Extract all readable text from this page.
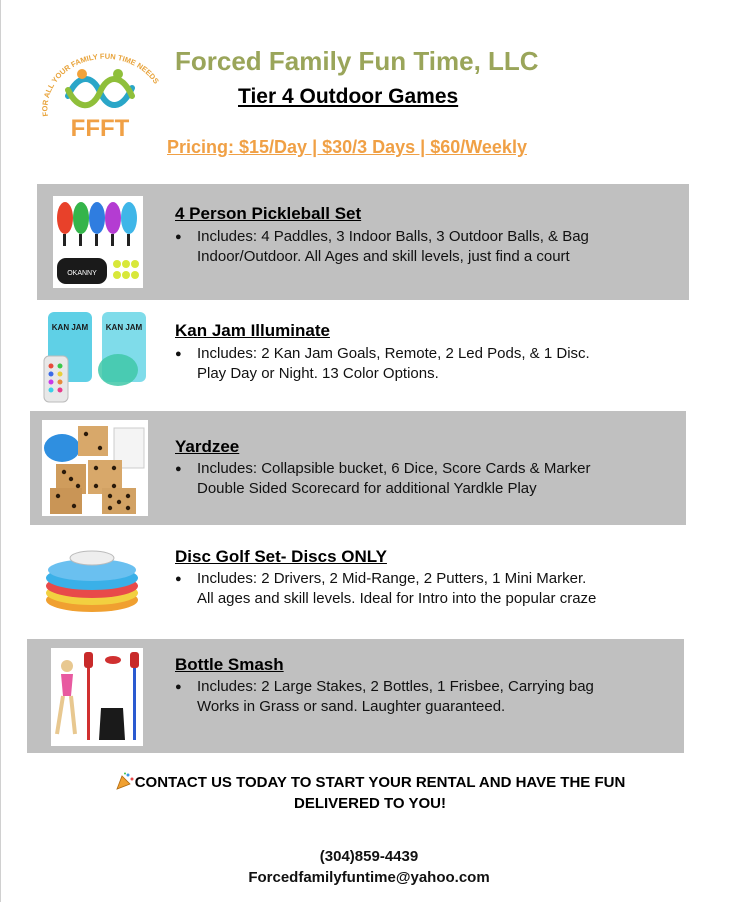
FOR ALL YOUR FAMILY FUN TIME NEEDS
FFFT
Forced Family Fun Time, LLC
Tier 4 Outdoor Games
Pricing: $15/Day | $30/3 Days | $60/Weekly
OKANNY
4 Person Pickleball Set
● Includes: 4 Paddles, 3 Indoor Balls, 3 Outdoor Balls, & Bag
Indoor/Outdoor. All Ages and skill levels, just find a court
KAN JAM KAN JAM Kan Jam Illuminate
● Includes: 2 Kan Jam Goals, Remote, 2 Led Pods, & 1 Disc.
Play Day or Night. 13 Color Options.
Yardzee
● Includes: Collapsible bucket, 6 Dice, Score Cards & Marker
Double Sided Scorecard for additional Yardkle Play
Disc Golf Set- Discs ONLY
● Includes: 2 Drivers, 2 Mid-Range, 2 Putters, 1 Mini Marker.
All ages and skill levels. Ideal for Intro into the popular craze
Bottle Smash
● Includes: 2 Large Stakes, 2 Bottles, 1 Frisbee, Carrying bag
Works in Grass or sand. Laughter guaranteed.
CONTACT US TODAY TO START YOUR RENTAL AND HAVE THE FUN
DELIVERED TO YOU!
(304)859-4439
Forcedfamilyfuntime@yahoo.com
